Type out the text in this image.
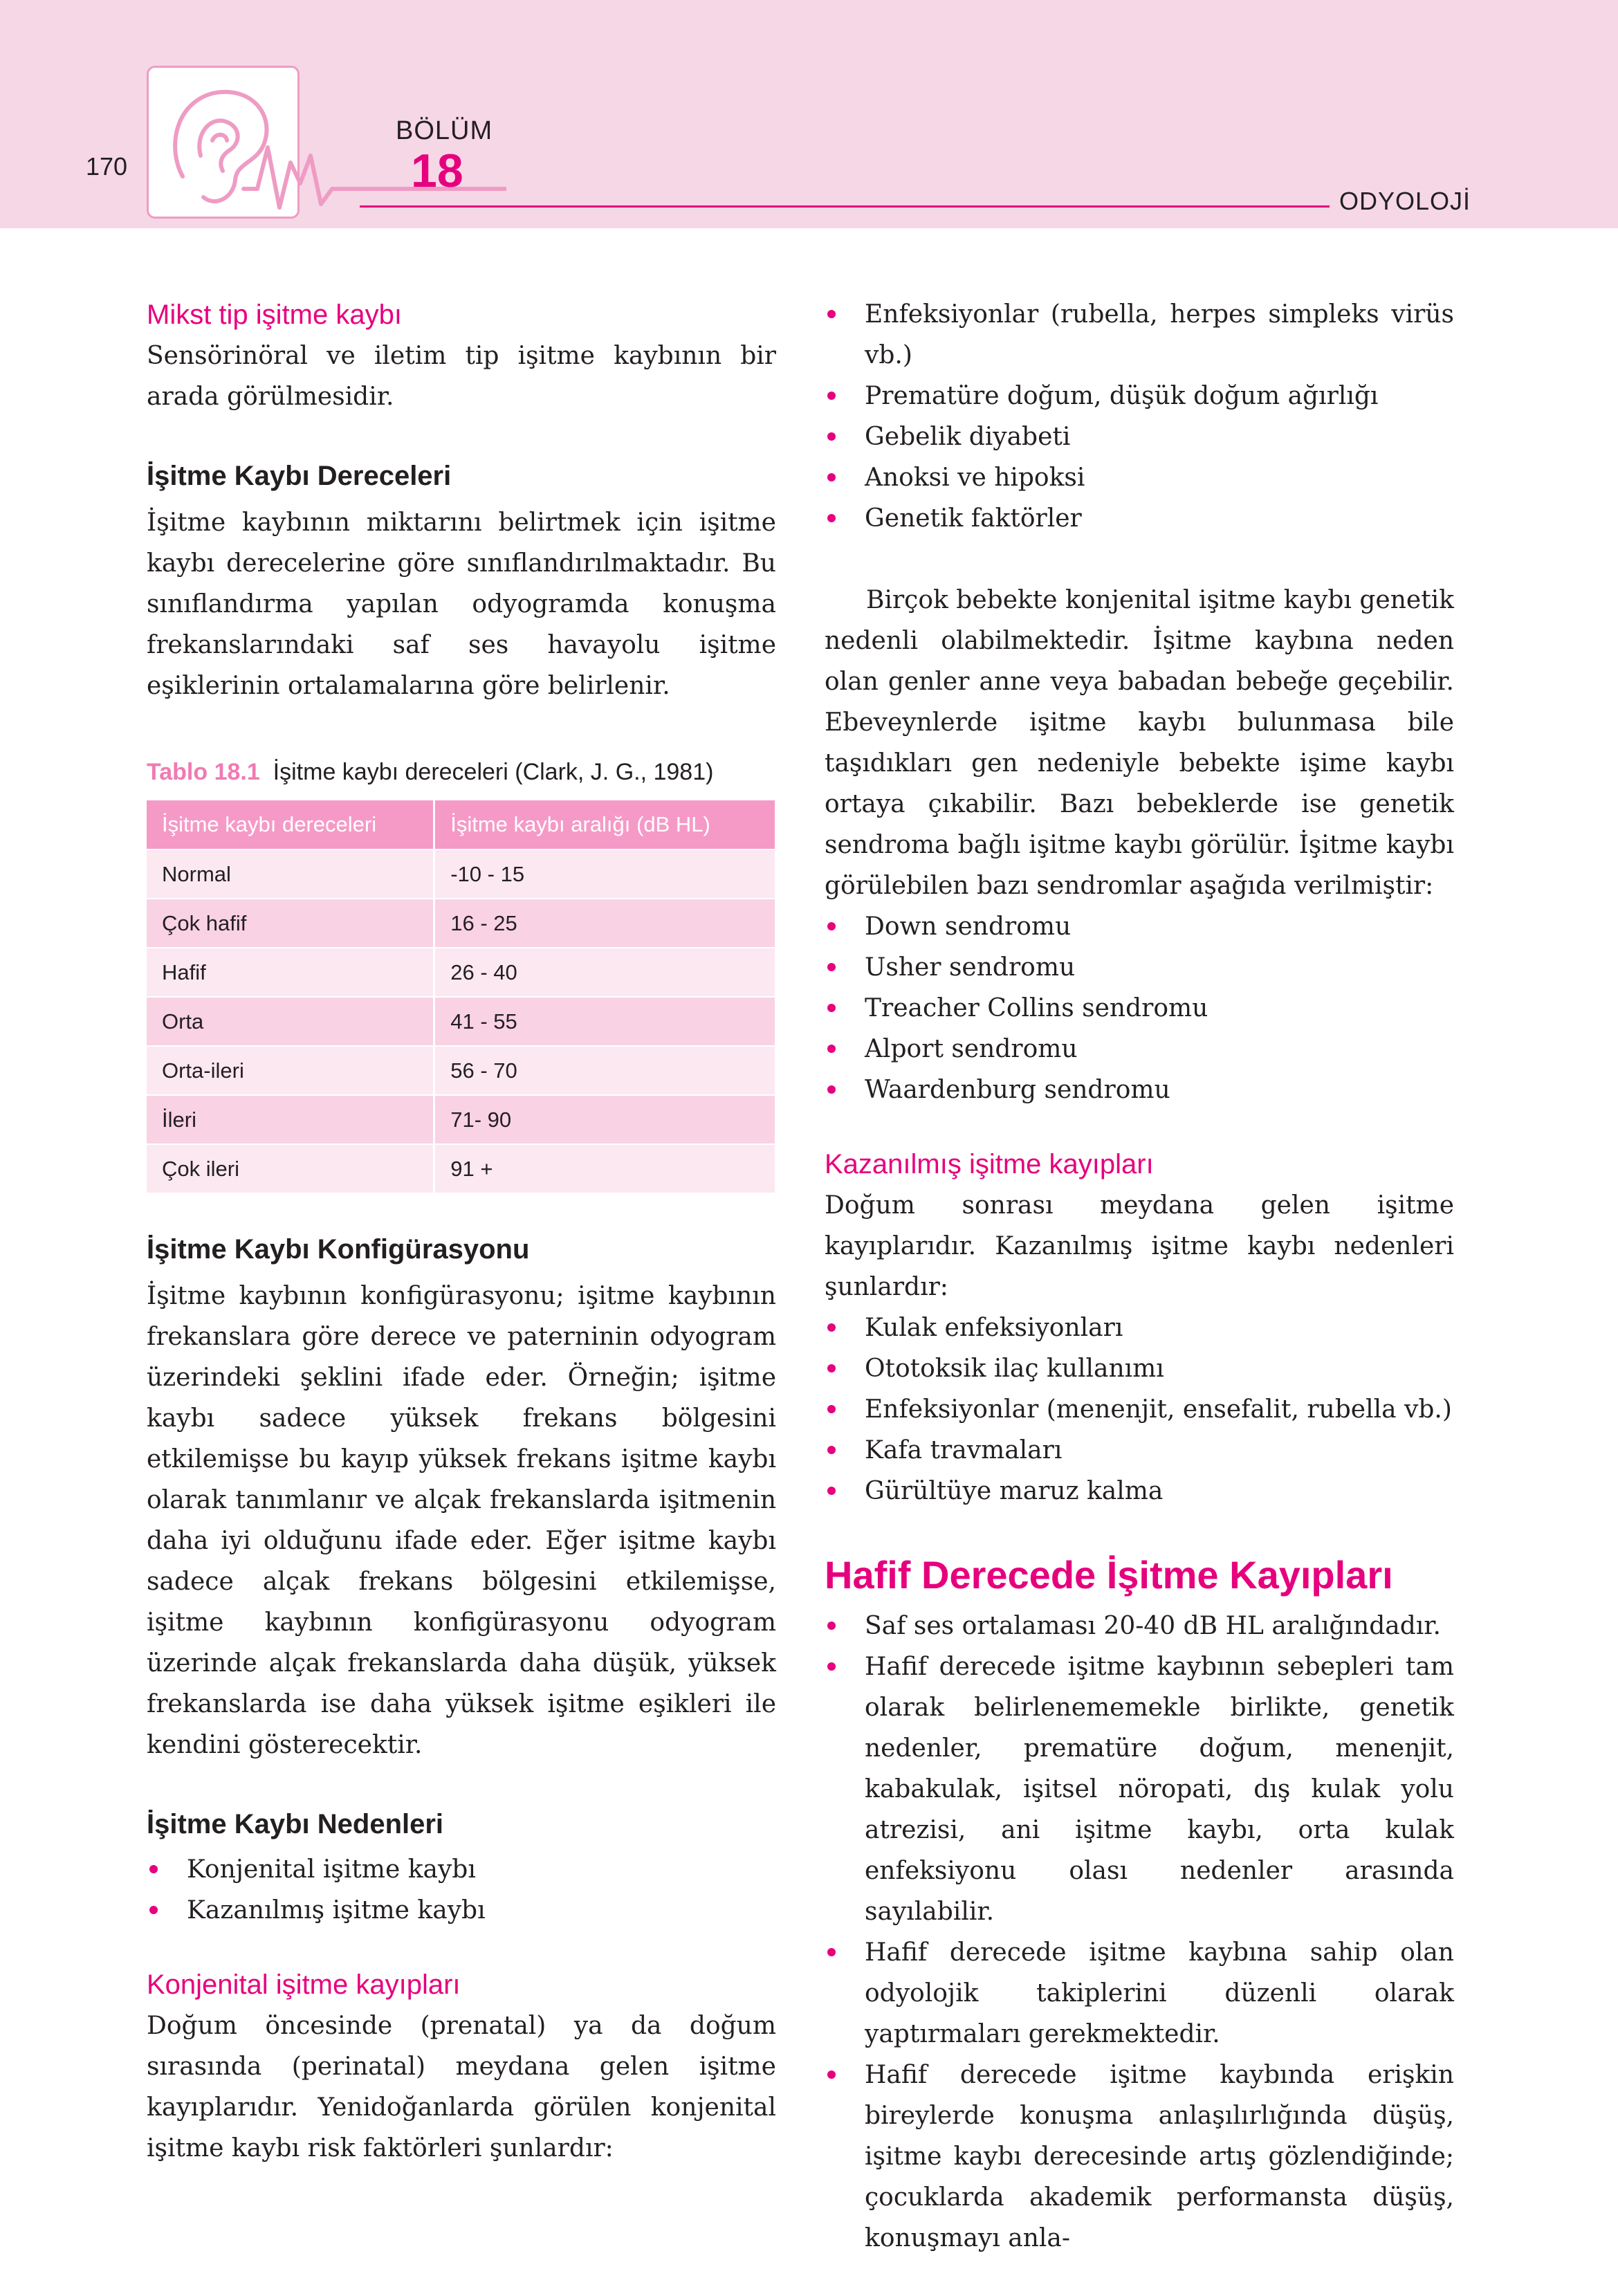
170
BÖLÜM
18
ODYOLOJİ
Mikst tip işitme kaybı

Sensörinöral ve iletim tip işitme kaybının bir arada görülmesidir.

İşitme Kaybı Dereceleri

İşitme kaybının miktarını belirtmek için işitme kaybı derecelerine göre sınıflandırılmaktadır. Bu sınıflandırma yapılan odyogramda konuşma frekanslarındaki saf ses havayolu işitme eşiklerinin ortalamalarına göre belirlenir.

Tablo 18.1 İşitme kaybı dereceleri (Clark, J. G., 1981)

İşitme kaybı dereceleri	İşitme kaybı aralığı (dB HL)
Normal	-10 - 15
Çok hafif	16 - 25
Hafif	26 - 40
Orta	41 - 55
Orta-ileri	56 - 70
İleri	71- 90
Çok ileri	91 +
İşitme Kaybı Konfigürasyonu

İşitme kaybının konfigürasyonu; işitme kaybının frekanslara göre derece ve paterninin odyogram üzerindeki şeklini ifade eder. Örneğin; işitme kaybı sadece yüksek frekans bölgesini etkilemişse bu kayıp yüksek frekans işitme kaybı olarak tanımlanır ve alçak frekanslarda işitmenin daha iyi olduğunu ifade eder. Eğer işitme kaybı sadece alçak frekans bölgesini etkilemişse, işitme kaybının konfigürasyonu odyogram üzerinde alçak frekanslarda daha düşük, yüksek frekanslarda ise daha yüksek işitme eşikleri ile kendini gösterecektir.

İşitme Kaybı Nedenleri
Konjenital işitme kaybı
Kazanılmış işitme kaybı
Konjenital işitme kayıpları

Doğum öncesinde (prenatal) ya da doğum sırasında (perinatal) meydana gelen işitme kayıplarıdır. Yenidoğanlarda görülen konjenital işitme kaybı risk faktörleri şunlardır:

Enfeksiyonlar (rubella, herpes simpleks virüs vb.)
Prematüre doğum, düşük doğum ağırlığı
Gebelik diyabeti
Anoksi ve hipoksi
Genetik faktörler

Birçok bebekte konjenital işitme kaybı genetik nedenli olabilmektedir. İşitme kaybına neden olan genler anne veya babadan bebeğe geçebilir. Ebeveynlerde işitme kaybı bulunmasa bile taşıdıkları gen nedeniyle bebekte işime kaybı ortaya çıkabilir. Bazı bebeklerde ise genetik sendroma bağlı işitme kaybı görülür. İşitme kaybı görülebilen bazı sendromlar aşağıda verilmiştir:

Down sendromu
Usher sendromu
Treacher Collins sendromu
Alport sendromu
Waardenburg sendromu
Kazanılmış işitme kayıpları

Doğum sonrası meydana gelen işitme kayıplarıdır. Kazanılmış işitme kaybı nedenleri şunlardır:

Kulak enfeksiyonları
Ototoksik ilaç kullanımı
Enfeksiyonlar (menenjit, ensefalit, rubella vb.)
Kafa travmaları
Gürültüye maruz kalma
Hafif Derecede İşitme Kayıpları
Saf ses ortalaması 20-40 dB HL aralığındadır.
Hafif derecede işitme kaybının sebepleri tam olarak belirlenememekle birlikte, genetik nedenler, prematüre doğum, menenjit, kabakulak, işitsel nöropati, dış kulak yolu atrezisi, ani işitme kaybı, orta kulak enfeksiyonu olası nedenler arasında sayılabilir.
Hafif derecede işitme kaybına sahip olan odyolojik takiplerini düzenli olarak yaptırmaları gerekmektedir.
Hafif derecede işitme kaybında erişkin bireylerde konuşma anlaşılırlığında düşüş, işitme kaybı derecesinde artış gözlendiğinde; çocuklarda akademik performansta düşüş, konuşmayı anla-
